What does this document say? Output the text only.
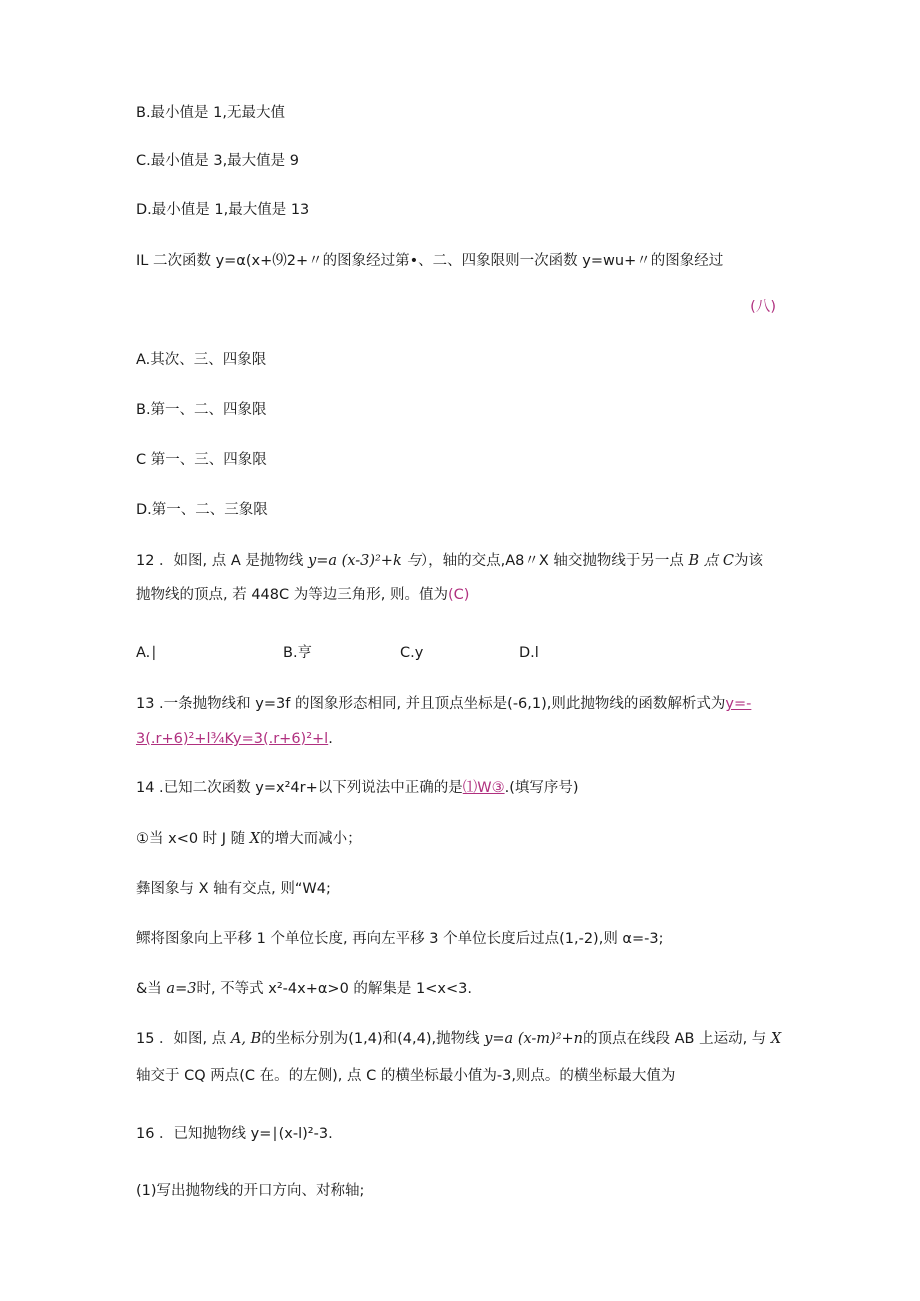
B.最小值是 1,无最大值
C.最小值是 3,最大值是 9
D.最小值是 1,最大值是 13
IL 二次函数 y=α(x+⑼2+〃的图象经过第•、二、四象限则一次函数 y=wu+〃的图象经过
(八)
A.其次、三、四象限
B.第一、二、四象限
C 第一、三、四象限
D.第一、二、三象限
12 ．如图, 点 A 是抛物线 y=a (x-3)²+k 与），轴的交点,A8〃X 轴交抛物线于另一点 B 点 C为该
抛物线的顶点, 若 448C 为等边三角形, 则。值为(C)
A.∣	B.亨	C.y	D.l
13 .一条抛物线和 y=3f 的图象形态相同, 并且顶点坐标是(-6,1),则此抛物线的函数解析式为y=-
3(.r+6)²+l¾Ky=3(.r+6)²+l.
14 .已知二次函数 y=x²4r+以下列说法中正确的是⑴W③.(填写序号)
①当 x<0 时 J 随 X的增大而减小；
彝图象与 X 轴有交点, 则“W4;
鳏将图象向上平移 1 个单位长度, 再向左平移 3 个单位长度后过点(1,-2),则 α=-3;
&当 a=3时, 不等式 x²-4x+α>0 的解集是 1<x<3.
15 ．如图, 点 A, B的坐标分别为(1,4)和(4,4),抛物线 y=a (x-m)²+n的顶点在线段 AB 上运动, 与 X
轴交于 CQ 两点(C 在。的左侧), 点 C 的横坐标最小值为-3,则点。的横坐标最大值为
16 ．已知抛物线 y=∣(x-l)²-3.
(1)写出抛物线的开口方向、对称轴;
